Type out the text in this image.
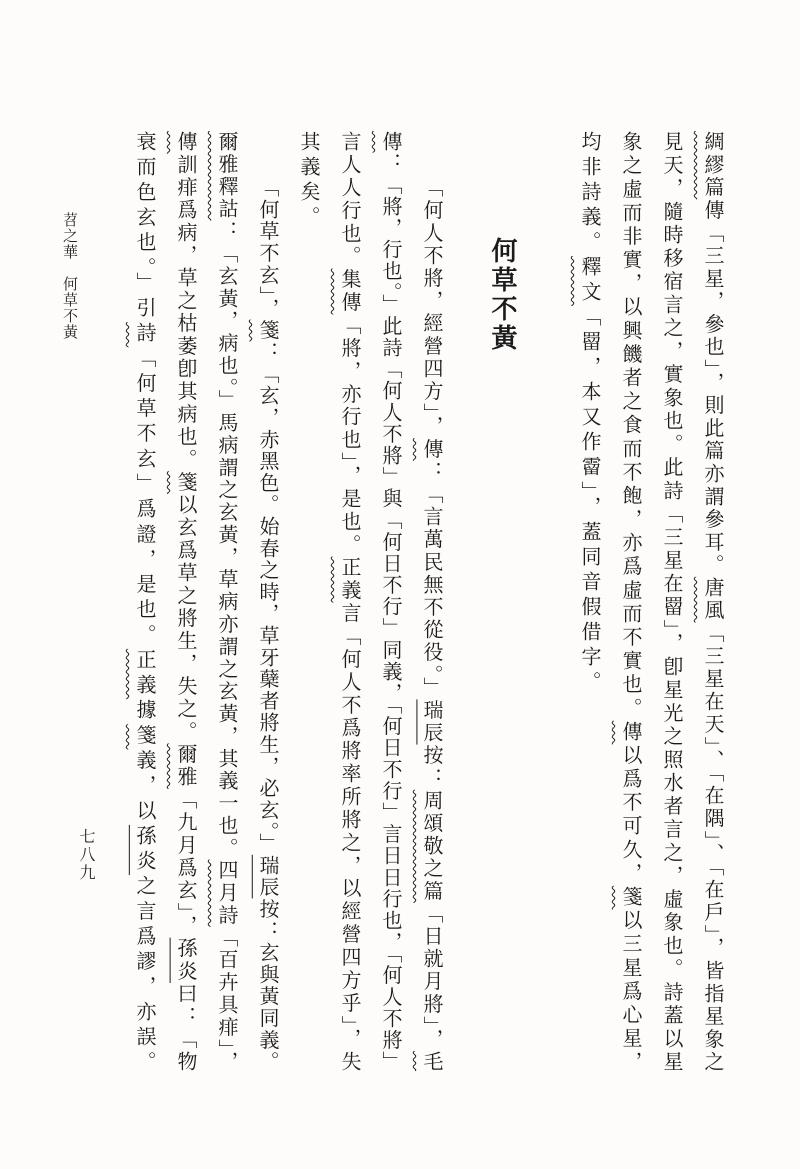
苕之華何草不黃
七八九
綢繆篇傳「三星，參也」，則此篇亦謂參耳。唐風「三星在天」、「在隅」、「在戶」，皆指星象之
見天，隨時移宿言之，實象也。此詩「三星在罶」，卽星光之照水者言之，虛象也。詩蓋以星
象之虛而非實，以興饑者之食而不飽，亦爲虛而不實也。傳以爲不可久，箋以三星爲心星，
均非詩義。釋文「罶，本又作霤」，蓋同音假借字。
何草不黃
「何人不將，經營四方」，傳：「言萬民無不從役。」瑞辰按：周頌敬之篇「日就月將」，毛
傳：「將，行也。」此詩「何人不將」與「何日不行」同義，「何日不行」言日日行也，「何人不將」
言人人行也。集傳「將，亦行也」，是也。正義言「何人不爲將率所將之，以經營四方乎」，失
其義矣。
「何草不玄」，箋：「玄，赤黑色。始春之時，草牙蘖者將生，必玄。」瑞辰按：玄與黃同義。
爾雅釋詁：「玄黃，病也。」馬病謂之玄黃，草病亦謂之玄黃，其義一也。四月詩「百卉具痱」，
傳訓痱爲病，草之枯萎卽其病也。箋以玄爲草之將生，失之。爾雅「九月爲玄」，孫炎曰：「物
衰而色玄也。」引詩「何草不玄」爲證，是也。正義據箋義，以孫炎之言爲謬，亦誤。
